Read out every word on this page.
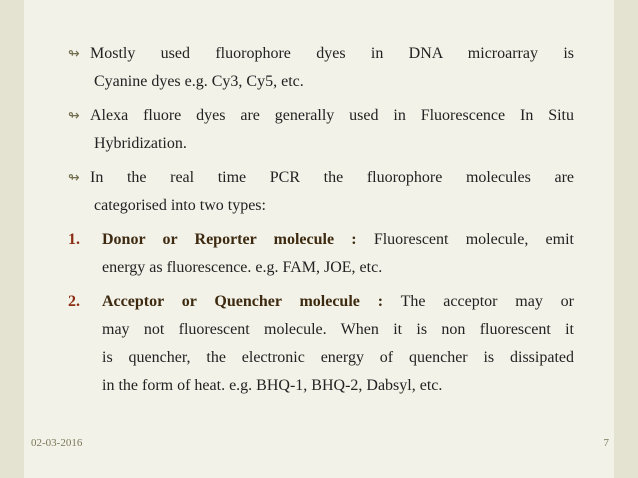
↬ Mostly used fluorophore dyes in DNA microarray is
Cyanine dyes e.g. Cy3, Cy5, etc.
↬ Alexa fluore dyes are generally used in Fluorescence In Situ
Hybridization.
↬ In the real time PCR the fluorophore molecules are
categorised into two types:
1.	Donor or Reporter molecule : Fluorescent molecule, emit
energy as fluorescence. e.g. FAM, JOE, etc.
2.	Acceptor or Quencher molecule : The acceptor may or
may not fluorescent molecule. When it is non fluorescent it
is quencher, the electronic energy of quencher is dissipated
in the form of heat. e.g. BHQ-1, BHQ-2, Dabsyl, etc.
02-03-2016	7
